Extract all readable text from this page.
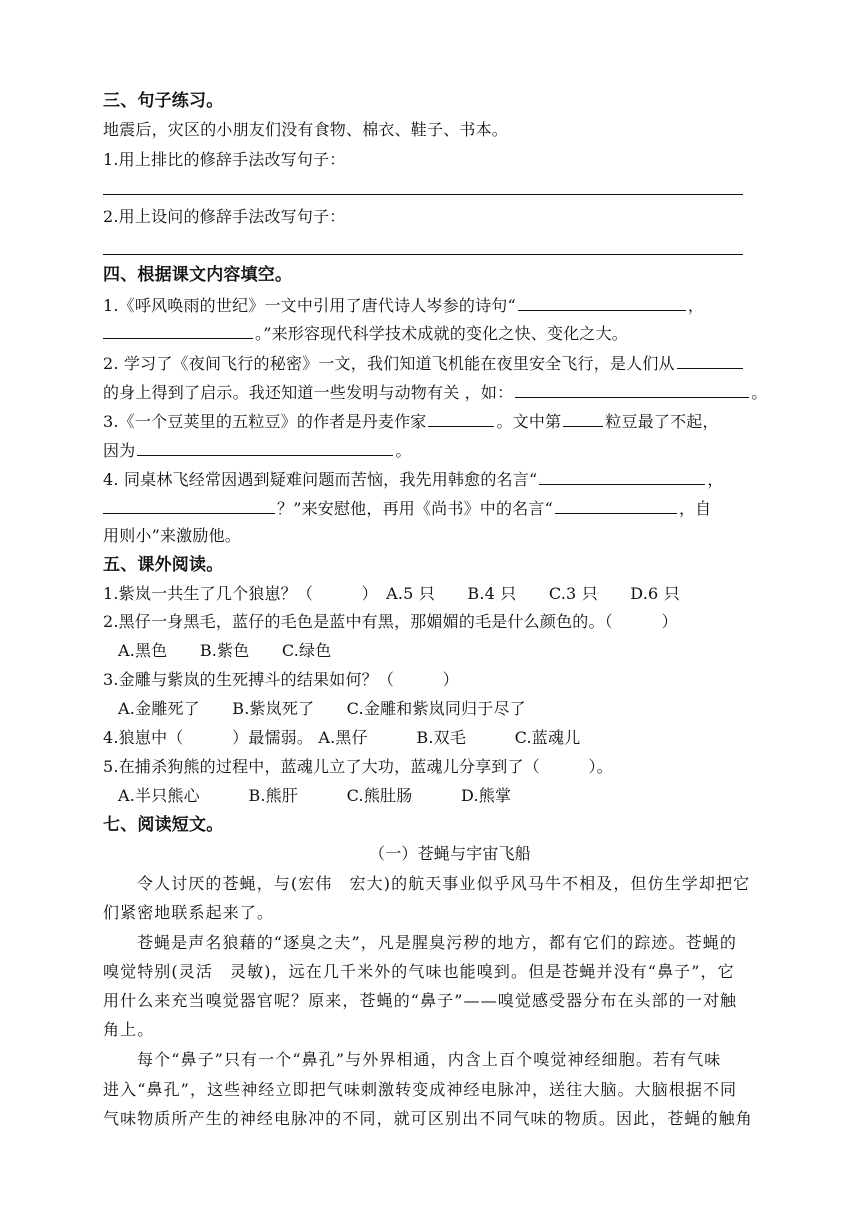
三、句子练习。
地震后，灾区的小朋友们没有食物、棉衣、鞋子、书本。
1.用上排比的修辞手法改写句子：
2.用上设问的修辞手法改写句子：
四、根据课文内容填空。
1.《呼风唤雨的世纪》一文中引用了唐代诗人岑参的诗句“	，
。”来形容现代科学技术成就的变化之快、变化之大。
2. 学习了《夜间飞行的秘密》一文，我们知道飞机能在夜里安全飞行，是人们从
的身上得到了启示。我还知道一些发明与动物有关 ，如：	。
3.《一个豆荚里的五粒豆》的作者是丹麦作家	。文中第	粒豆最了不起，
因为	。
4. 同桌林飞经常因遇到疑难问题而苦恼，我先用韩愈的名言“	，
？”来安慰他，再用《尚书》中的名言“	，自
用则小”来激励他。
五、课外阅读。
1.紫岚一共生了几个狼崽？（　　　）　A.5 只　　B.4 只　　C.3 只　　D.6 只
2.黑仔一身黑毛，蓝仔的毛色是蓝中有黑，那媚媚的毛是什么颜色的。（　　　）
A.黑色　　B.紫色　　C.绿色
3.金雕与紫岚的生死搏斗的结果如何？（　　　）
A.金雕死了　　B.紫岚死了　　C.金雕和紫岚同归于尽了
4.狼崽中（　　　）最懦弱。 A.黑仔　　　B.双毛　　　C.蓝魂儿
5.在捕杀狗熊的过程中，蓝魂儿立了大功，蓝魂儿分享到了（　　　）。
A.半只熊心　　　B.熊肝　　　C.熊肚肠　　　D.熊掌
七、阅读短文。
（一）苍蝇与宇宙飞船
令人讨厌的苍蝇，与(宏伟　宏大)的航天事业似乎风马牛不相及，但仿生学却把它
们紧密地联系起来了。
苍蝇是声名狼藉的“逐臭之夫”，凡是腥臭污秽的地方，都有它们的踪迹。苍蝇的
嗅觉特别(灵活　灵敏)，远在几千米外的气味也能嗅到。但是苍蝇并没有“鼻子”，它
用什么来充当嗅觉器官呢？原来，苍蝇的“鼻子”——嗅觉感受器分布在头部的一对触
角上。
每个“鼻子”只有一个“鼻孔”与外界相通，内含上百个嗅觉神经细胞。若有气味
进入“鼻孔”，这些神经立即把气味刺激转变成神经电脉冲，送往大脑。大脑根据不同
气味物质所产生的神经电脉冲的不同，就可区别出不同气味的物质。因此，苍蝇的触角
